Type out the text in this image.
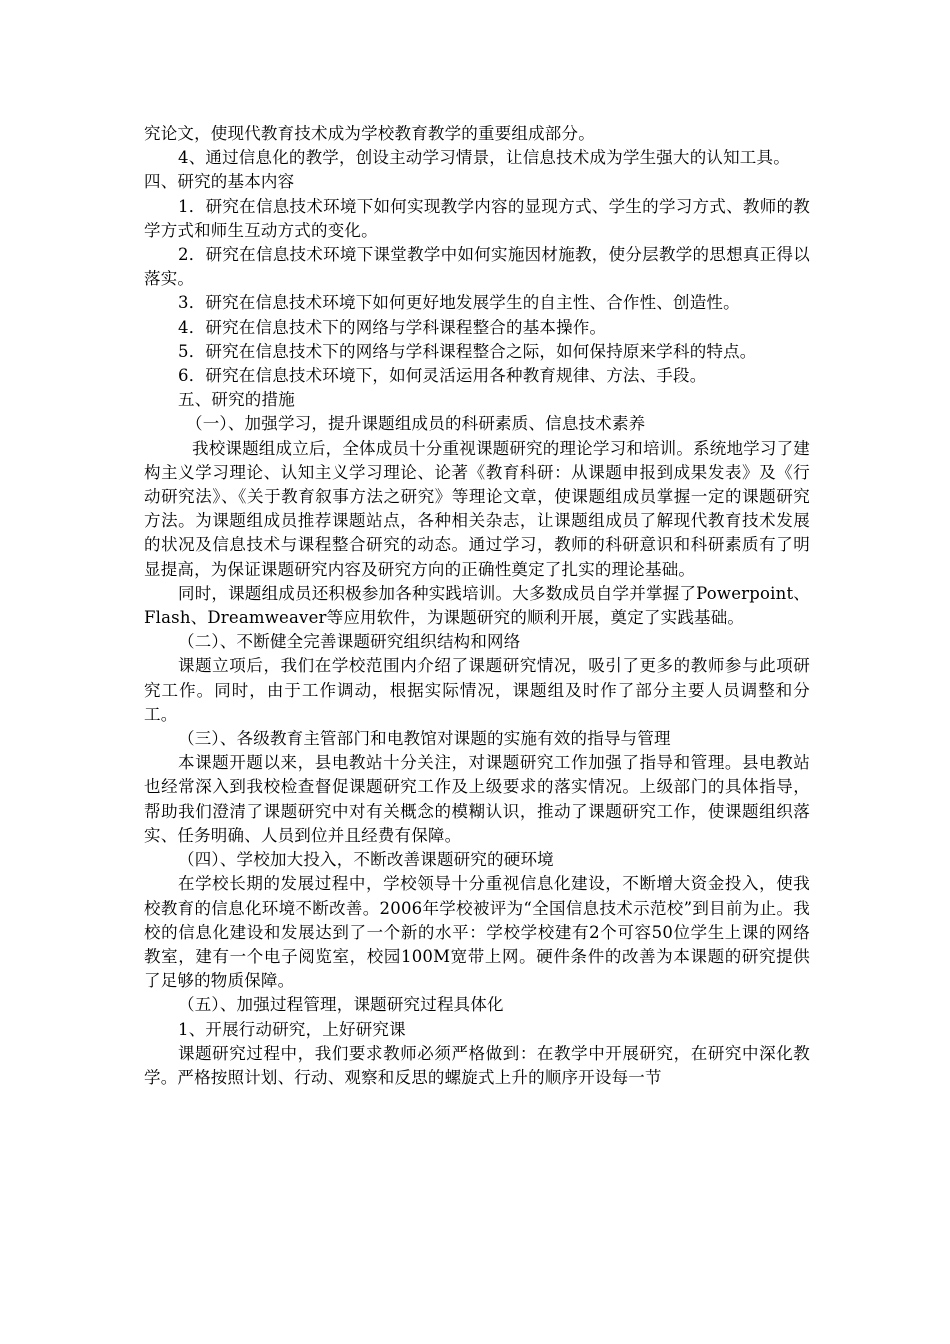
究论文，使现代教育技术成为学校教育教学的重要组成部分。

4、通过信息化的教学，创设主动学习情景，让信息技术成为学生强大的认知工具。

四、研究的基本内容

1．研究在信息技术环境下如何实现教学内容的显现方式、学生的学习方式、教师的教学方式和师生互动方式的变化。

2．研究在信息技术环境下课堂教学中如何实施因材施教，使分层教学的思想真正得以落实。

3．研究在信息技术环境下如何更好地发展学生的自主性、合作性、创造性。

4．研究在信息技术下的网络与学科课程整合的基本操作。

5．研究在信息技术下的网络与学科课程整合之际，如何保持原来学科的特点。

6．研究在信息技术环境下，如何灵活运用各种教育规律、方法、手段。

五、研究的措施

（一）、加强学习，提升课题组成员的科研素质、信息技术素养

我校课题组成立后，全体成员十分重视课题研究的理论学习和培训。系统地学习了建构主义学习理论、认知主义学习理论、论著《教育科研：从课题申报到成果发表》及《行动研究法》、《关于教育叙事方法之研究》等理论文章，使课题组成员掌握一定的课题研究方法。为课题组成员推荐课题站点，各种相关杂志，让课题组成员了解现代教育技术发展的状况及信息技术与课程整合研究的动态。通过学习，教师的科研意识和科研素质有了明显提高，为保证课题研究内容及研究方向的正确性奠定了扎实的理论基础。

同时，课题组成员还积极参加各种实践培训。大多数成员自学并掌握了Powerpoint、Flash、Dreamweaver等应用软件，为课题研究的顺利开展，奠定了实践基础。

（二）、不断健全完善课题研究组织结构和网络

课题立项后，我们在学校范围内介绍了课题研究情况，吸引了更多的教师参与此项研究工作。同时，由于工作调动，根据实际情况，课题组及时作了部分主要人员调整和分工。

（三）、各级教育主管部门和电教馆对课题的实施有效的指导与管理

本课题开题以来，县电教站十分关注，对课题研究工作加强了指导和管理。县电教站也经常深入到我校检查督促课题研究工作及上级要求的落实情况。上级部门的具体指导，帮助我们澄清了课题研究中对有关概念的模糊认识，推动了课题研究工作，使课题组织落实、任务明确、人员到位并且经费有保障。

（四）、学校加大投入，不断改善课题研究的硬环境

在学校长期的发展过程中，学校领导十分重视信息化建设，不断增大资金投入，使我校教育的信息化环境不断改善。2006年学校被评为“全国信息技术示范校”到目前为止。我校的信息化建设和发展达到了一个新的水平：学校学校建有2个可容50位学生上课的网络教室，建有一个电子阅览室，校园100M宽带上网。硬件条件的改善为本课题的研究提供了足够的物质保障。

（五）、加强过程管理，课题研究过程具体化

1、开展行动研究，上好研究课

课题研究过程中，我们要求教师必须严格做到：在教学中开展研究，在研究中深化教学。严格按照计划、行动、观察和反思的螺旋式上升的顺序开设每一节
